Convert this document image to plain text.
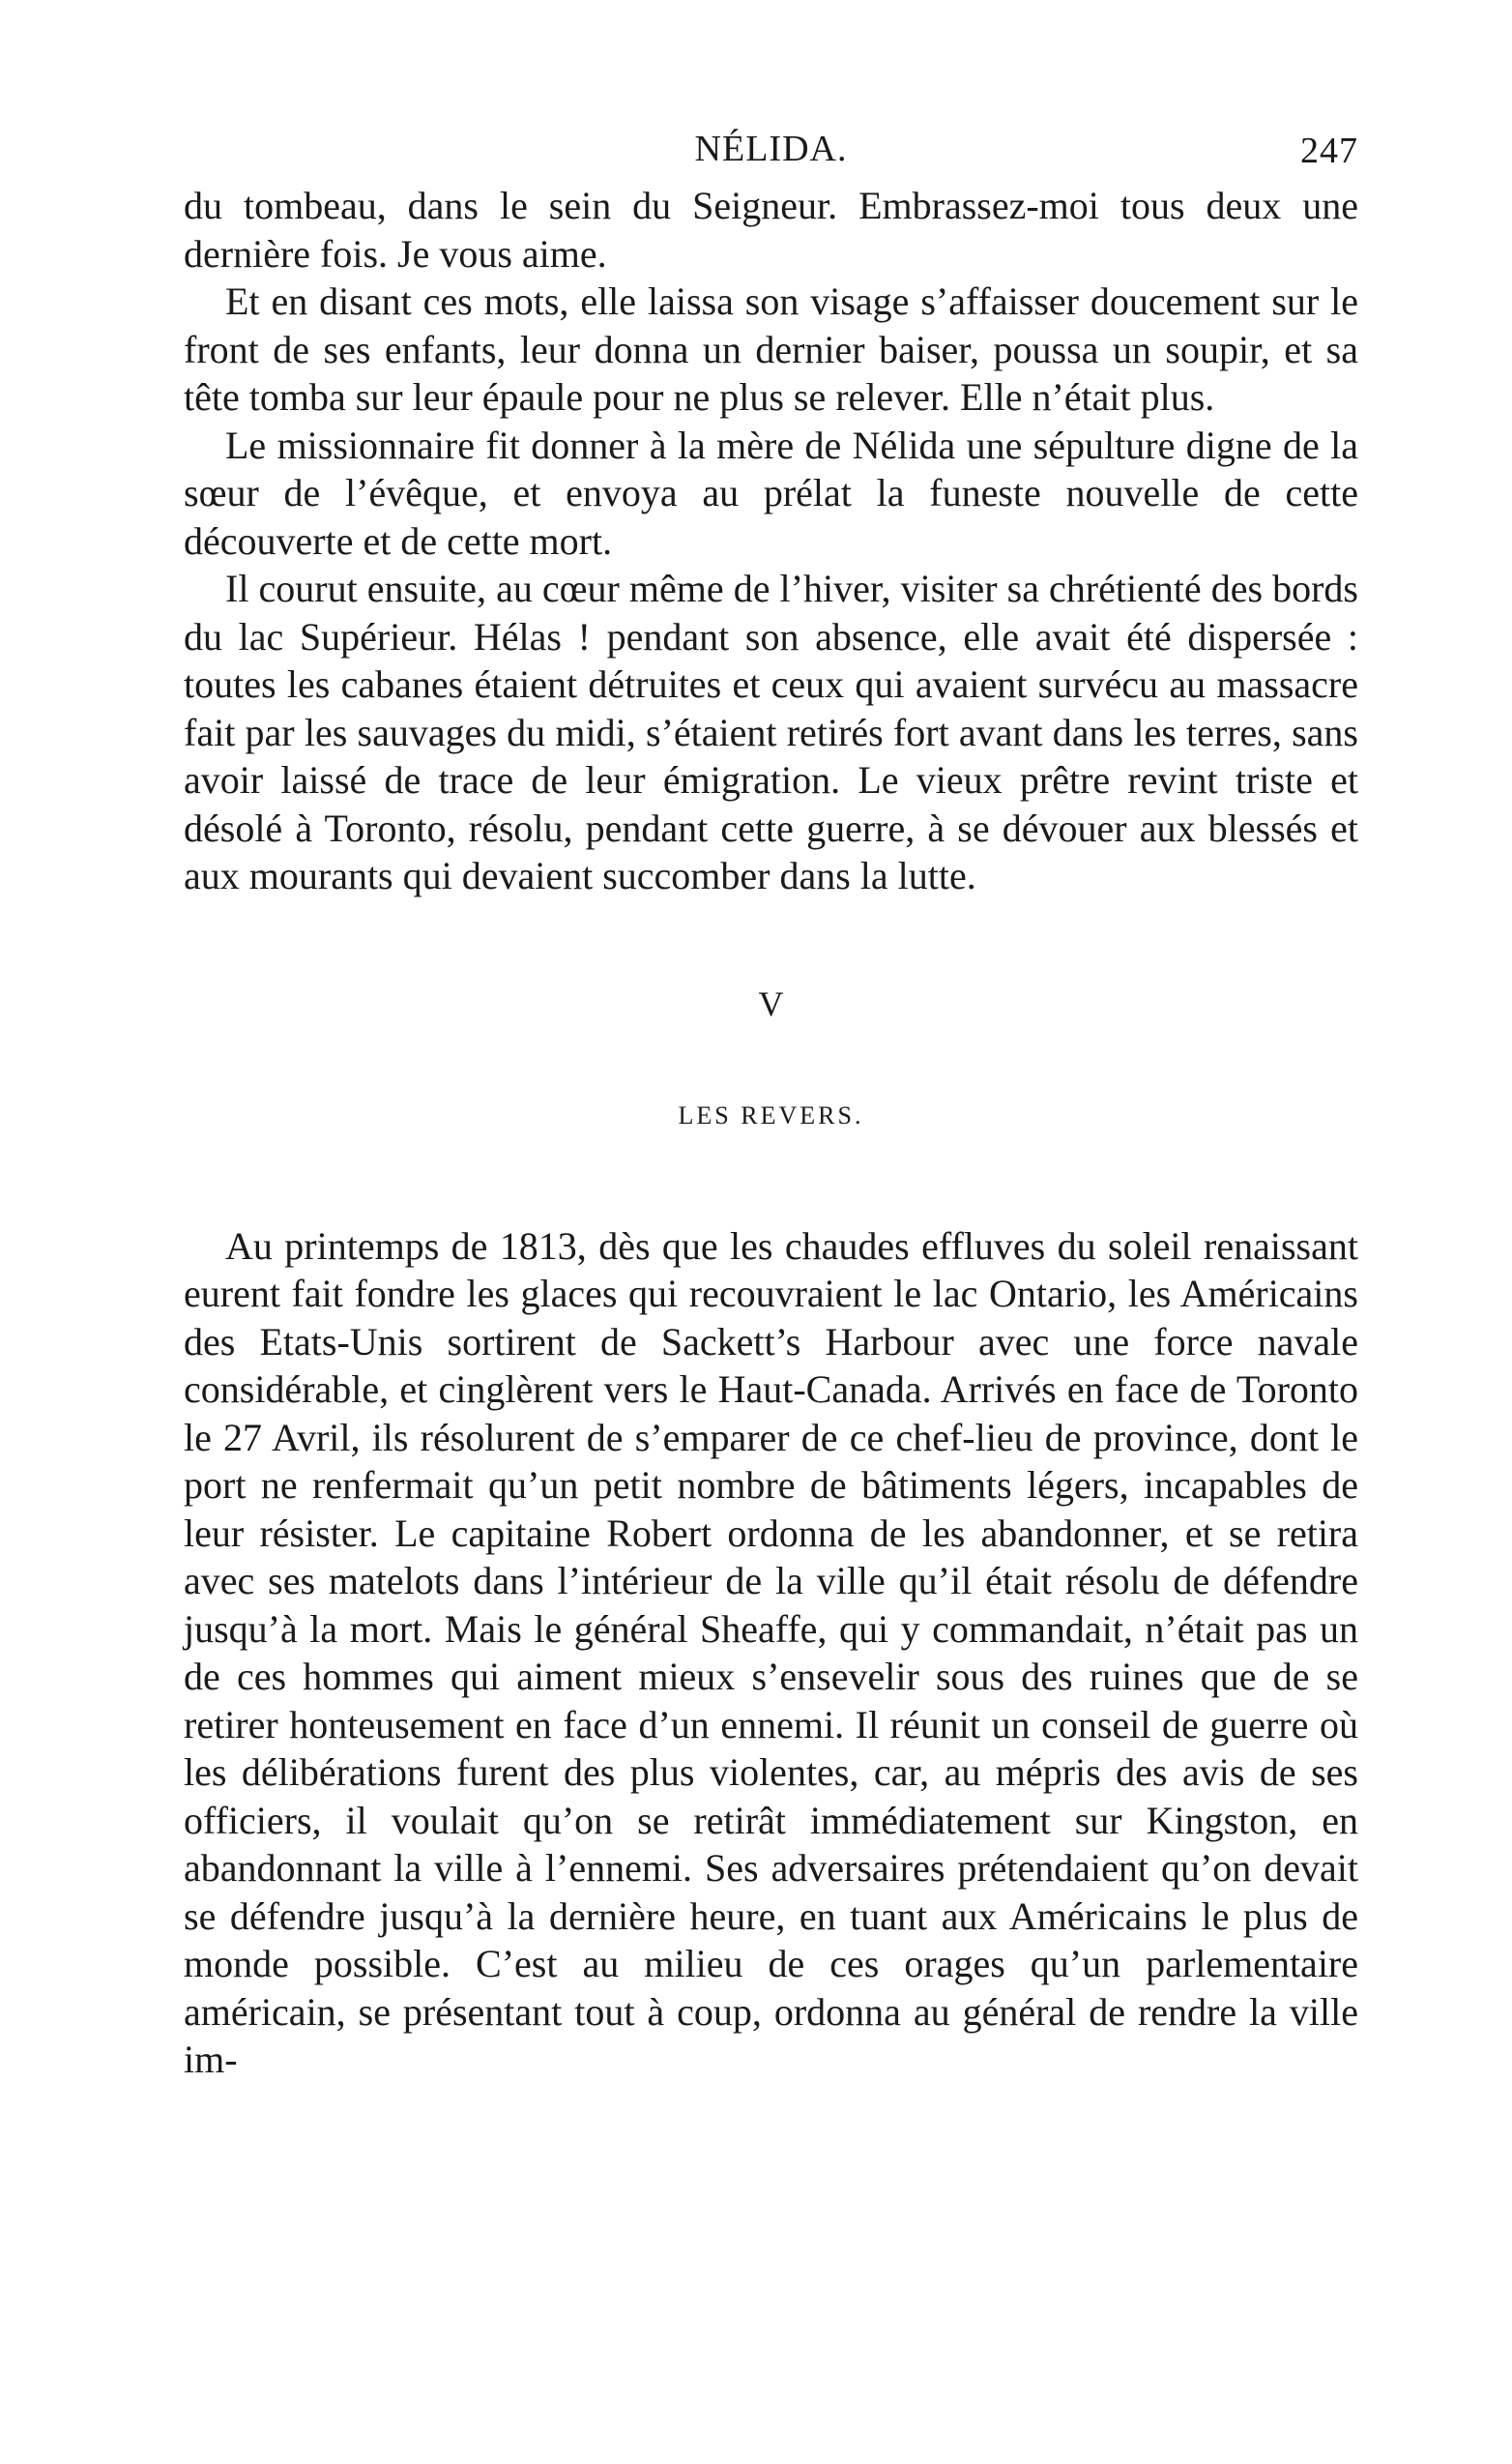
NÉLIDA.	247

du tombeau, dans le sein du Seigneur. Embrassez-moi tous deux une dernière fois. Je vous aime.

Et en disant ces mots, elle laissa son visage s’affaisser doucement sur le front de ses enfants, leur donna un dernier baiser, poussa un soupir, et sa tête tomba sur leur épaule pour ne plus se relever. Elle n’était plus.

Le missionnaire fit donner à la mère de Nélida une sépulture digne de la sœur de l’évêque, et envoya au prélat la funeste nouvelle de cette découverte et de cette mort.

Il courut ensuite, au cœur même de l’hiver, visiter sa chrétienté des bords du lac Supérieur. Hélas ! pendant son absence, elle avait été dispersée : toutes les cabanes étaient détruites et ceux qui avaient survécu au massacre fait par les sauvages du midi, s’étaient retirés fort avant dans les terres, sans avoir laissé de trace de leur émigration. Le vieux prêtre revint triste et désolé à Toronto, résolu, pendant cette guerre, à se dévouer aux blessés et aux mourants qui devaient succomber dans la lutte.

V
LES REVERS.

Au printemps de 1813, dès que les chaudes effluves du soleil renaissant eurent fait fondre les glaces qui recouvraient le lac Ontario, les Américains des Etats-Unis sortirent de Sackett’s Harbour avec une force navale considérable, et cinglèrent vers le Haut-Canada. Arrivés en face de Toronto le 27 Avril, ils résolurent de s’emparer de ce chef-lieu de province, dont le port ne renfermait qu’un petit nombre de bâtiments légers, incapables de leur résister. Le capitaine Robert ordonna de les abandonner, et se retira avec ses matelots dans l’intérieur de la ville qu’il était résolu de défendre jusqu’à la mort. Mais le général Sheaffe, qui y commandait, n’était pas un de ces hommes qui aiment mieux s’ensevelir sous des ruines que de se retirer honteusement en face d’un ennemi. Il réunit un conseil de guerre où les délibérations furent des plus violentes, car, au mépris des avis de ses officiers, il voulait qu’on se retirât immédiatement sur Kingston, en abandonnant la ville à l’ennemi. Ses adversaires prétendaient qu’on devait se défendre jusqu’à la dernière heure, en tuant aux Américains le plus de monde possible. C’est au milieu de ces orages qu’un parlementaire américain, se présentant tout à coup, ordonna au général de rendre la ville im-
